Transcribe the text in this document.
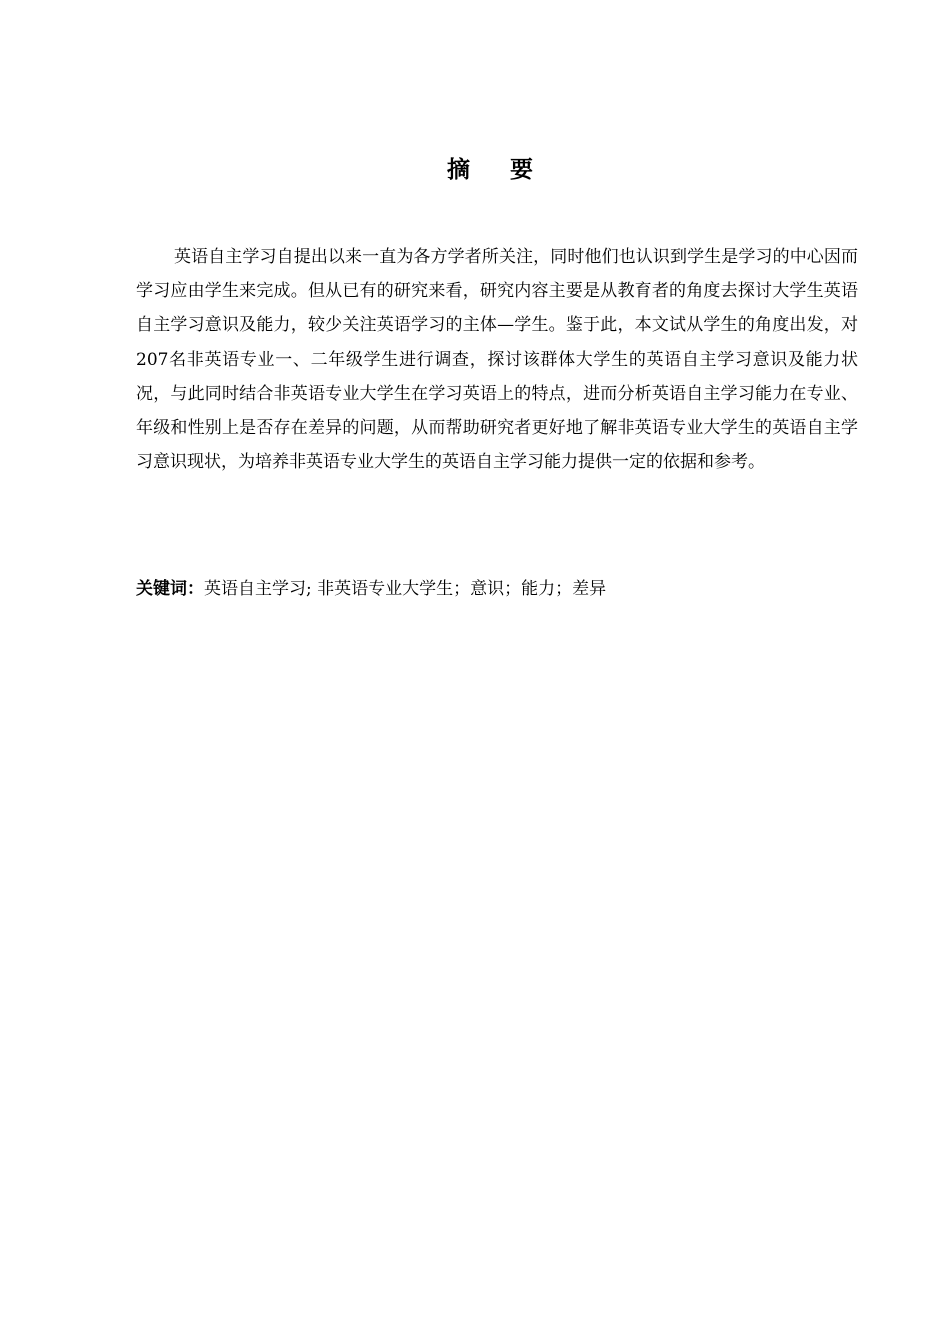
摘 要

英语自主学习自提出以来一直为各方学者所关注，同时他们也认识到学生是学习的中心因而学习应由学生来完成。但从已有的研究来看，研究内容主要是从教育者的角度去探讨大学生英语自主学习意识及能力，较少关注英语学习的主体—学生。鉴于此，本文试从学生的角度出发，对207名非英语专业一、二年级学生进行调查，探讨该群体大学生的英语自主学习意识及能力状况，与此同时结合非英语专业大学生在学习英语上的特点，进而分析英语自主学习能力在专业、年级和性别上是否存在差异的问题，从而帮助研究者更好地了解非英语专业大学生的英语自主学习意识现状，为培养非英语专业大学生的英语自主学习能力提供一定的依据和参考。

关键词：英语自主学习; 非英语专业大学生；意识；能力；差异
